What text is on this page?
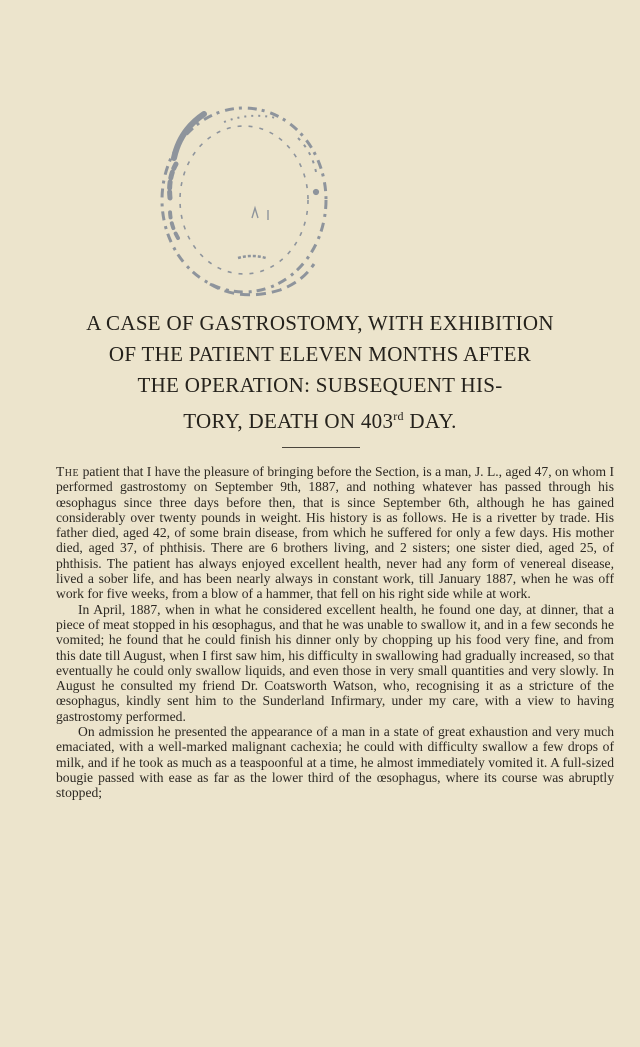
A CASE OF GASTROSTOMY, WITH EXHIBITION
OF THE PATIENT ELEVEN MONTHS AFTER
THE OPERATION: SUBSEQUENT HIS-
TORY, DEATH ON 403rd DAY.

The patient that I have the pleasure of bringing before the Section, is a man, J. L., aged 47, on whom I performed gastrostomy on September 9th, 1887, and nothing whatever has passed through his œsophagus since three days before then, that is since September 6th, although he has gained considerably over twenty pounds in weight. His history is as follows. He is a rivetter by trade. His father died, aged 42, of some brain disease, from which he suffered for only a few days. His mother died, aged 37, of phthisis. There are 6 brothers living, and 2 sisters; one sister died, aged 25, of phthisis. The patient has always enjoyed excellent health, never had any form of venereal disease, lived a sober life, and has been nearly always in constant work, till January 1887, when he was off work for five weeks, from a blow of a hammer, that fell on his right side while at work.

In April, 1887, when in what he considered excellent health, he found one day, at dinner, that a piece of meat stopped in his œsophagus, and that he was unable to swallow it, and in a few seconds he vomited; he found that he could finish his dinner only by chopping up his food very fine, and from this date till August, when I first saw him, his difficulty in swallowing had gradually increased, so that eventually he could only swallow liquids, and even those in very small quantities and very slowly. In August he consulted my friend Dr. Coatsworth Watson, who, recognising it as a stricture of the œsophagus, kindly sent him to the Sunderland Infirmary, under my care, with a view to having gastrostomy performed.

On admission he presented the appearance of a man in a state of great exhaustion and very much emaciated, with a well-marked malignant cachexia; he could with difficulty swallow a few drops of milk, and if he took as much as a teaspoonful at a time, he almost immediately vomited it. A full-sized bougie passed with ease as far as the lower third of the œsophagus, where its course was abruptly stopped;
